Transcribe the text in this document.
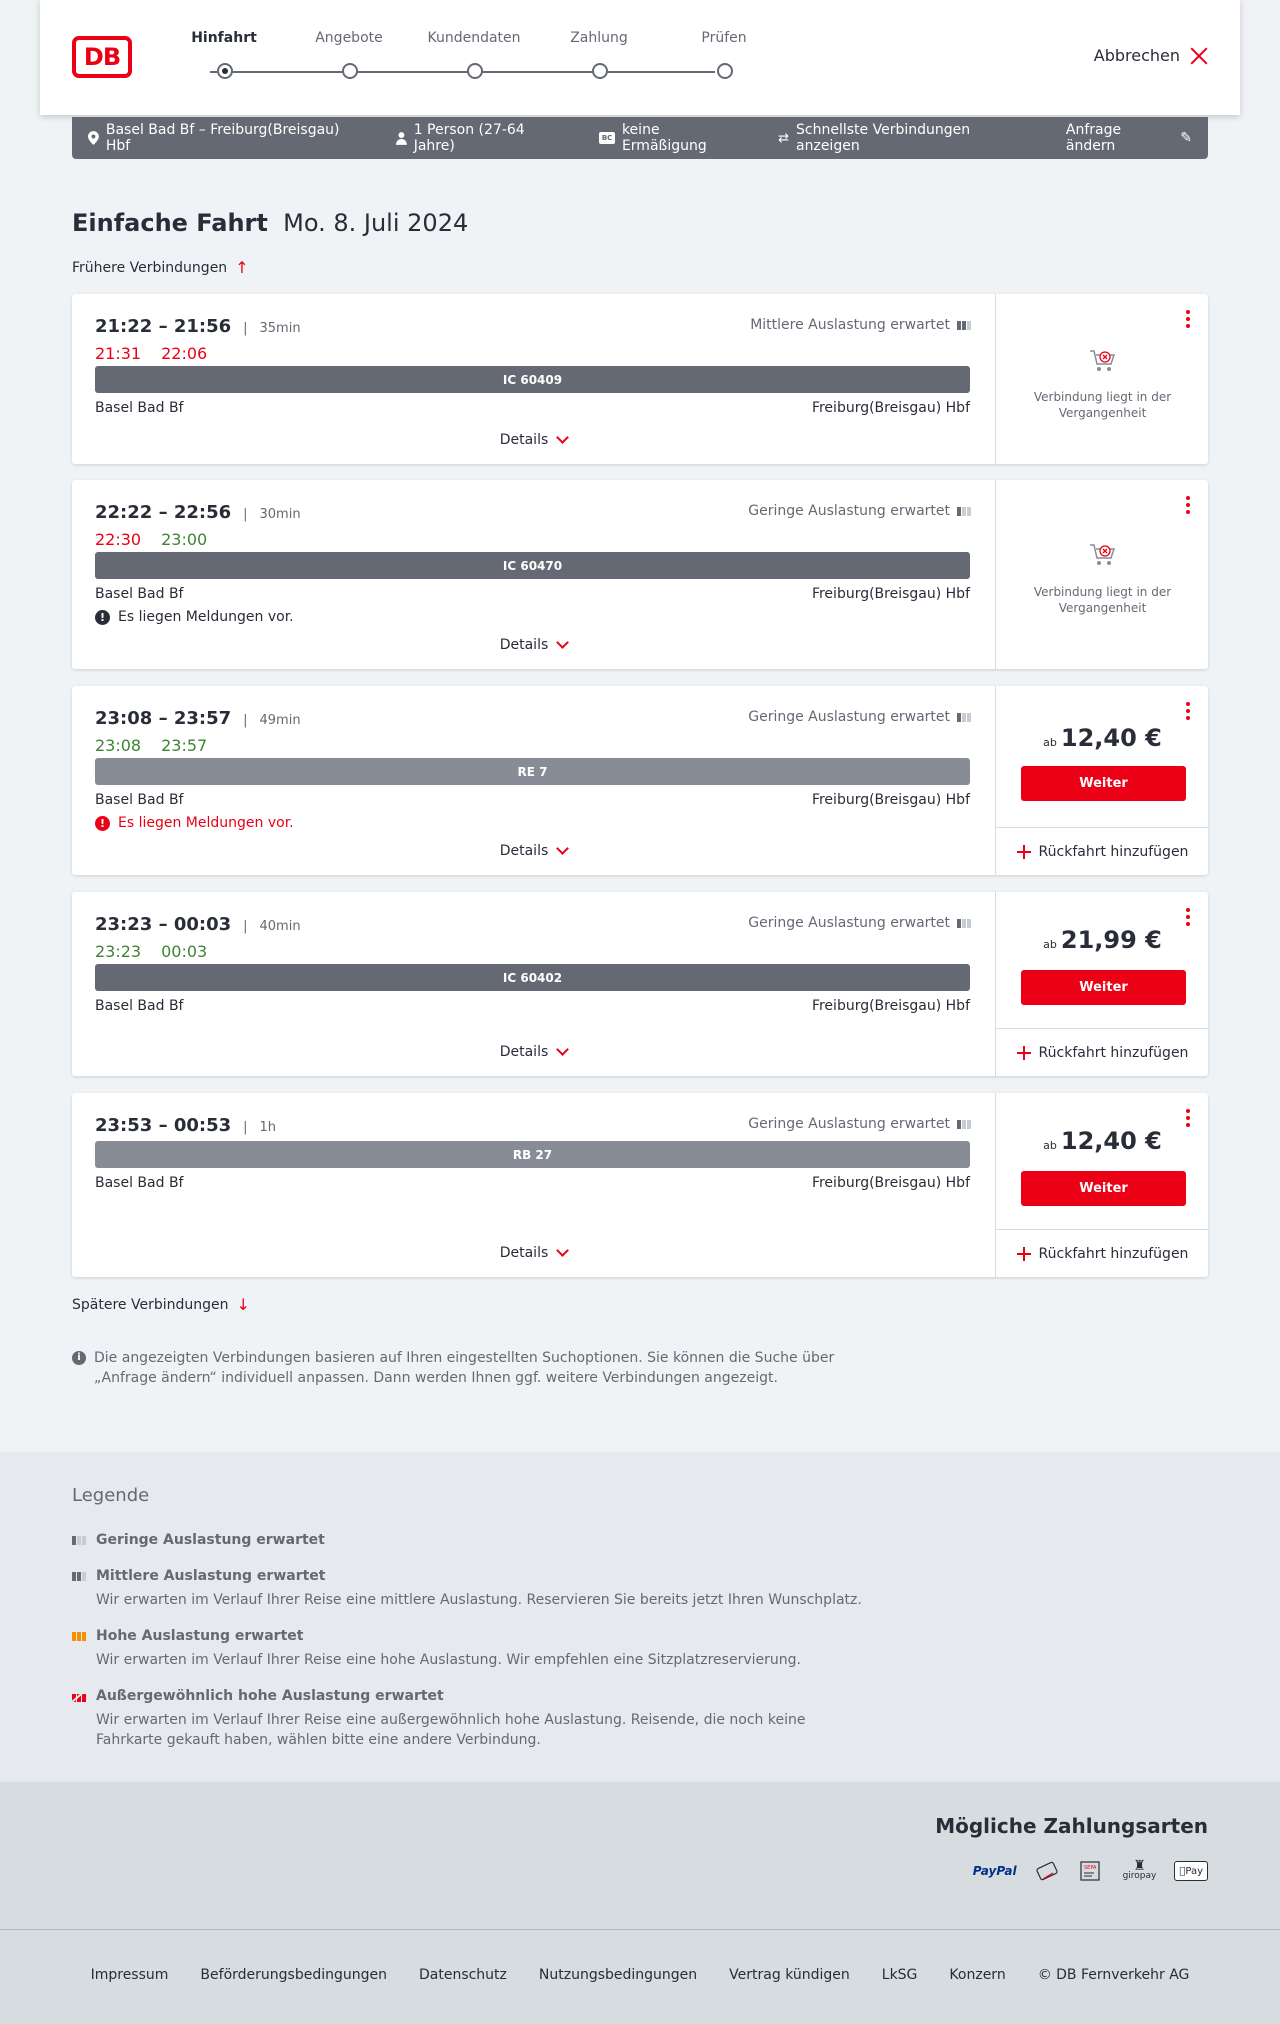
DB
Hinfahrt	Angebote	Kundendaten	Zahlung	Prüfen
Abbrechen
Basel Bad Bf – Freiburg(Breisgau) Hbf
1 Person (27-64 Jahre)	BC keine Ermäßigung	⇄ Schnellste Verbindungen anzeigen
Anfrage ändern	✎
Einfache Fahrt Mo. 8. Juli 2024
Frühere Verbindungen ↑
21:22 – 21:56	| 35min
21:31 22:06
Mittlere Auslastung erwartet
IC 60409
Basel Bad Bf	Freiburg(Breisgau) Hbf
Details
Verbindung liegt in der Vergangenheit
22:22 – 22:56	| 30min
22:30 23:00
Geringe Auslastung erwartet
IC 60470
Basel Bad Bf	Freiburg(Breisgau) Hbf
! Es liegen Meldungen vor.
Details
Verbindung liegt in der Vergangenheit
23:08 – 23:57	| 49min
23:08 23:57
Geringe Auslastung erwartet
RE 7
Basel Bad Bf	Freiburg(Breisgau) Hbf
! Es liegen Meldungen vor.
Details
ab 12,40 €
Weiter
Rückfahrt hinzufügen
23:23 – 00:03	| 40min
23:23 00:03
Geringe Auslastung erwartet
IC 60402
Basel Bad Bf	Freiburg(Breisgau) Hbf
Details
ab 21,99 €
Weiter
Rückfahrt hinzufügen
23:53 – 00:53	| 1h	Geringe Auslastung erwartet
RB 27
Basel Bad Bf	Freiburg(Breisgau) Hbf
Details
ab 12,40 €
Weiter
Rückfahrt hinzufügen
Spätere Verbindungen ↓
i Die angezeigten Verbindungen basieren auf Ihren eingestellten Suchoptionen. Sie können die Suche über „Anfrage ändern“ individuell anpassen. Dann werden Ihnen ggf. weitere Verbindungen angezeigt.
Legende
Geringe Auslastung erwartet
Mittlere Auslastung erwartet
Wir erwarten im Verlauf Ihrer Reise eine mittlere Auslastung. Reservieren Sie bereits jetzt Ihren Wunschplatz.
Hohe Auslastung erwartet
Wir erwarten im Verlauf Ihrer Reise eine hohe Auslastung. Wir empfehlen eine Sitzplatzreservierung.
Außergewöhnlich hohe Auslastung erwartet
Wir erwarten im Verlauf Ihrer Reise eine außergewöhnlich hohe Auslastung. Reisende, die noch keine Fahrkarte gekauft haben, wählen bitte eine andere Verbindung.
Mögliche Zahlungsarten
PayPal	SEPA	♜
giropay	Pay
Impressum Beförderungsbedingungen Datenschutz Nutzungsbedingungen Vertrag kündigen LkSG Konzern © DB Fernverkehr AG
